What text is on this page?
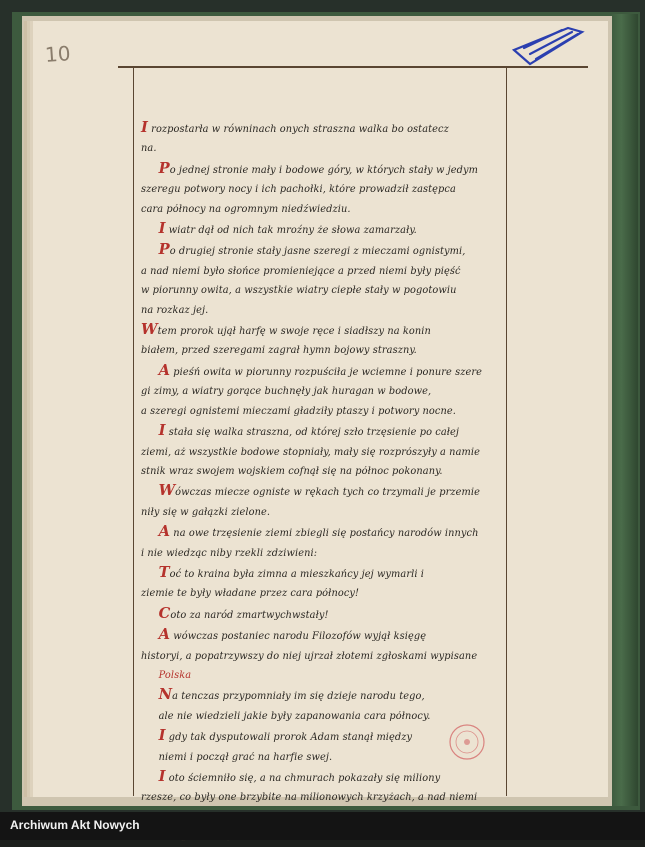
10
I rozpostarła w równinach onych straszna walka bo ostatecz
na.
Po jednej stronie mały i bodowe góry, w których stały w jedym
szeregu potwory nocy i ich pachołki, które prowadził zastępca
cara północy na ogromnym niedźwiedziu.
I wiatr dął od nich tak mroźny że słowa zamarzały.
Po drugiej stronie stały jasne szeregi z mieczami ognistymi,
a nad niemi było słońce promieniejące a przed niemi były pięść
w piorunny owita, a wszystkie wiatry ciepłe stały w pogotowiu
na rozkaz jej.
Wtem prorok ujął harfę w swoje ręce i siadłszy na konin
białem, przed szeregami zagrał hymn bojowy straszny.
A pieśń owita w piorunny rozpuściła je wciemne i ponure szere
gi zimy, a wiatry gorące buchnęły jak huragan w bodowe,
a szeregi ognistemi mieczami gładziły ptaszy i potwory nocne.
I stała się walka straszna, od której szło trzęsienie po całej
ziemi, aż wszystkie bodowe stopniały, mały się rozprószyły a namie
stnik wraz swojem wojskiem cofnął się na północ pokonany.
Wówczas miecze ogniste w rękach tych co trzymali je przemie
niły się w gałązki zielone.
A na owe trzęsienie ziemi zbiegli się postańcy narodów innych
i nie wiedząc niby rzekli zdziwieni:
Toć to kraina była zimna a mieszkańcy jej wymarli i
ziemie te były władane przez cara północy!
Coto za naród zmartwychwstały!
A wówczas postaniec narodu Filozofów wyjął księgę
historyi, a popatrzywszy do niej ujrzał złotemi zgłoskami wypisane
Polska
Na tenczas przypomniały im się dzieje narodu tego,
ale nie wiedzieli jakie były zapanowania cara północy.
I gdy tak dysputowali prorok Adam stanął między
niemi i począł grać na harfie swej.
I oto ściemniło się, a na chmurach pokazały się miliony
rzesze, co były one brzybite na milionowych krzyżach, a nad niemi
Archiwum Akt Nowych
